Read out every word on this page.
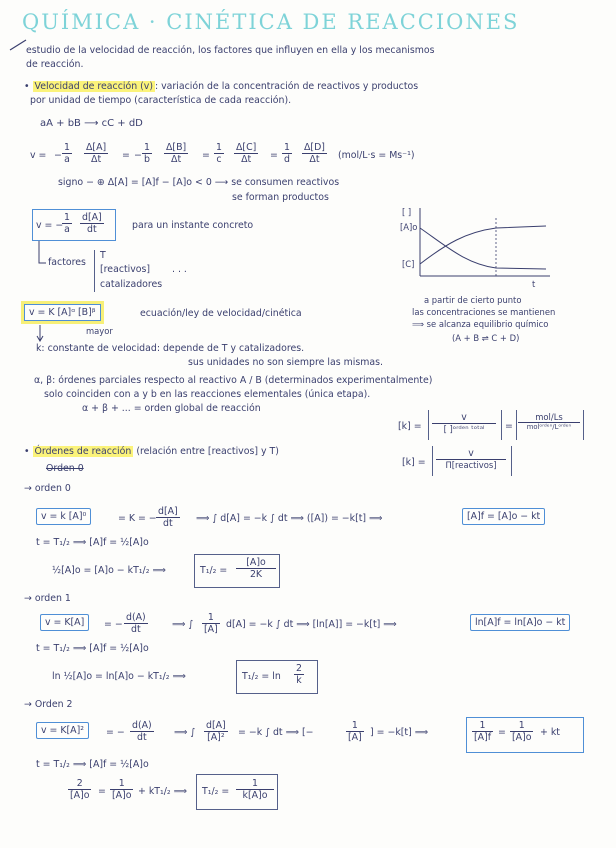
QUÍMICA · CINÉTICA DE REACCIONES
estudio de la velocidad de reacción, los factores que influyen en ella y los mecanismos
de reacción.
• Velocidad de reacción (v) : variación de la concentración de reactivos y productos
por unidad de tiempo (característica de cada reacción).
aA + bB ⟶ cC + dD
v = − $\frac{1}{a} \frac{\Delta[A]}{\Delta t}$ = − $\frac{1}{b} \frac{\Delta[B]}{\Delta t} = \frac{1}{c} \frac{\Delta[C]}{\Delta t} = \frac{1}{d} \frac{\Delta[D]}{\Delta t} (mol/L\cdot s = Ms^{-1})$
signo − ⊕ Δ[A] = [A]f − [A]o < 0 ⟶ se consumen reactivos
se forman productos
v = −
$\frac{1}{a} \frac{d[A]}{dt}$	para un instante concreto
factores
T
[reactivos]
catalizadores
. . .
[ ]
[A]o
[C]
t
a partir de cierto punto
las concentraciones se mantienen
⟹ se alcanza equilibrio químico
(A + B ⇌ C + D)
v = K [A]ᵅ [B]ᵝ	ecuación/ley de velocidad/cinética
mayor
k: constante de velocidad: depende de T y catalizadores.
sus unidades no son siempre las mismas.
α, β: órdenes parciales respecto al reactivo A / B (determinados experimentalmente)
solo coinciden con a y b en las reacciones elementales (única etapa).
α + β + ... = orden global de reacción
[k] =
v
[ ]ᵒʳᵈᵉⁿ ᵗᵒᵗᵃˡ	=
mol/Ls
molᵒʳᵈᵉⁿ/Lᵒʳᵈᵉⁿ
[k] =
v
Π[reactivos]
• Órdenes de reacción (relación entre [reactivos] y T)
Orden 0
→ orden 0
v = k [A]⁰	= K = − $\frac{d[A]}{dt}$ ⟹ ∫ d[A] = −k ∫ dt ⟹ ([A]) = −k[t] ⟹	[A]f = [A]o − kt
t = T₁/₂ ⟹ [A]f = ½[A]o
½[A]o = [A]o − kT₁/₂ ⟹	$T_1/_2 = \frac{[A]o}{2K}$
→ orden 1
v = K[A]	= − $\frac{d(A)}{dt}$	⟹ ∫ $\frac{1}{[A]} d[A] = -k$ ∫ dt ⟹ [ln[A]] = −k[t] ⟹	ln[A]f = ln[A]o − kt
t = T₁/₂ ⟹ [A]f = ½[A]o
ln ½[A]o = ln[A]o − kT₁/₂ ⟹	$T_1/_2 = \ln \frac{2}{k}$
→ Orden 2
v = K[A]²	= − $\frac{d(A)}{dt}$ ⟹ ∫ $\frac{d[A]}{\text{[A]²}} = -k$ ∫ dt ⟹ [−	$\frac{1}{[A]}$ ] = −k[t] ⟹	$\frac{1}{[A]f} = \frac{1}{[A]o}$ + kt
t = T₁/₂ ⟹ [A]f = ½[A]o
$\frac{2}{[A]o} = \frac{1}{[A]o} + kT_1/_2$ ⟹ $T_1/_2 = \frac{1}{k[A]o}$
